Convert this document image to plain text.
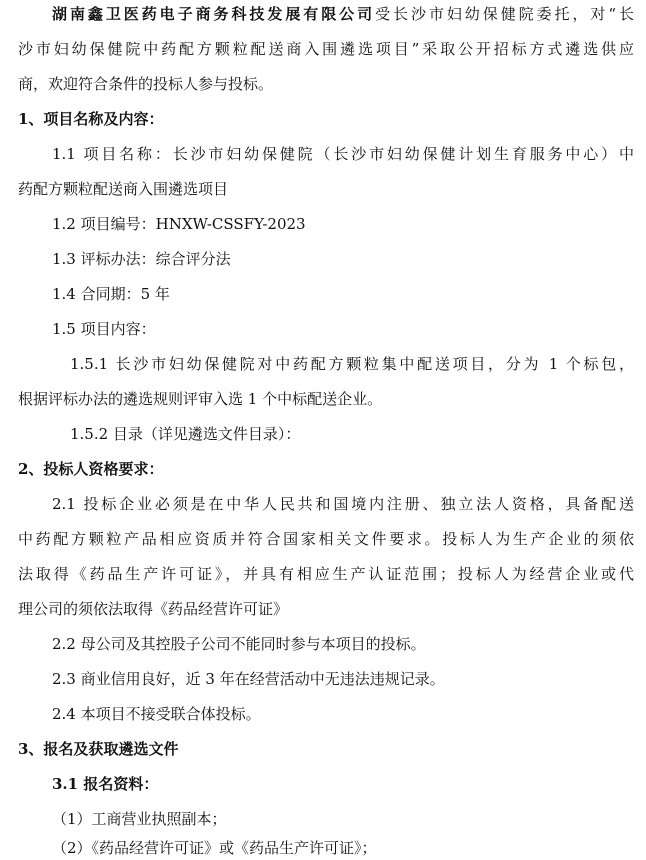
湖南鑫卫医药电子商务科技发展有限公司受长沙市妇幼保健院委托，对“长
沙市妇幼保健院中药配方颗粒配送商入围遴选项目”采取公开招标方式遴选供应
商，欢迎符合条件的投标人参与投标。
1、项目名称及内容：
1.1 项目名称：长沙市妇幼保健院（长沙市妇幼保健计划生育服务中心）中
药配方颗粒配送商入围遴选项目
1.2 项目编号：HNXW-CSSFY-2023
1.3 评标办法：综合评分法
1.4 合同期：5 年
1.5 项目内容：
1.5.1 长沙市妇幼保健院对中药配方颗粒集中配送项目，分为 1 个标包，
根据评标办法的遴选规则评审入选 1 个中标配送企业。
1.5.2 目录（详见遴选文件目录）：
2、投标人资格要求：
2.1 投标企业必须是在中华人民共和国境内注册、独立法人资格，具备配送
中药配方颗粒产品相应资质并符合国家相关文件要求。投标人为生产企业的须依
法取得《药品生产许可证》，并具有相应生产认证范围；投标人为经营企业或代
理公司的须依法取得《药品经营许可证》
2.2 母公司及其控股子公司不能同时参与本项目的投标。
2.3 商业信用良好，近 3 年在经营活动中无违法违规记录。
2.4 本项目不接受联合体投标。
3、报名及获取遴选文件
3.1 报名资料：
（1）工商营业执照副本；
（2）《药品经营许可证》或《药品生产许可证》；
